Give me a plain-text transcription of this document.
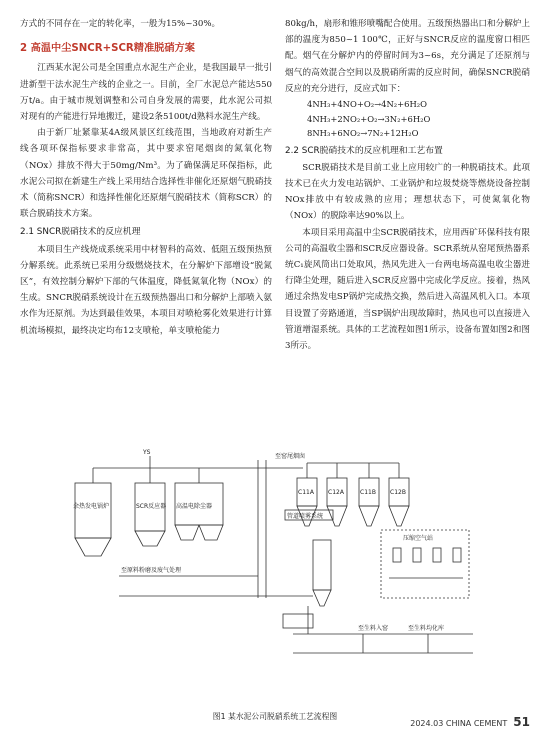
方式的不同存在一定的转化率，一般为15%~30%。

2 高温中尘SNCR+SCR精准脱硝方案

江西某水泥公司是全国重点水泥生产企业，是我国最早一批引进新型干法水泥生产线的企业之一。目前，全厂水泥总产能达550万t/a。由于城市规划调整和公司自身发展的需要，此水泥公司拟对现有的产能进行异地搬迁，建设2条5100t/d熟料水泥生产线。

由于新厂址紧靠某4A级风景区红线范围，当地政府对新生产线各项环保指标要求非常高，其中要求窑尾烟囱的氮氧化物（NOx）排放不得大于50mg/Nm³。为了确保满足环保指标，此水泥公司拟在新建生产线上采用结合选择性非催化还原烟气脱硝技术（简称SNCR）和选择性催化还原烟气脱硝技术（简称SCR）的联合脱硝技术方案。

2.1 SNCR脱硝技术的反应机理

本项目生产线烧成系统采用中材智科的高效、低阻五级预热预分解系统。此系统已采用分级燃烧技术，在分解炉下部增设“脱氮区”，有效控制分解炉下部的气体温度，降低氮氧化物（NOx）的生成。SNCR脱硝系统设计在五级预热器出口和分解炉上部喷入氨水作为还原剂。为达到最佳效果，本项目对喷枪雾化效果进行计算机流场模拟，最终决定均布12支喷枪，单支喷枪能力

80kg/h，扇形和锥形喷嘴配合使用。五级预热器出口和分解炉上部的温度为850~1 100℃，正好与SNCR反应的温度窗口相匹配。烟气在分解炉内的停留时间为3~6s，充分满足了还原剂与烟气的高效混合空间以及脱硝所需的反应时间，确保SNCR脱硝反应的充分进行，反应式如下：

4NH₃+4NO+O₂→4N₂+6H₂O
4NH₃+2NO₂+O₂→3N₂+6H₂O
8NH₃+6NO₂→7N₂+12H₂O
2.2 SCR脱硝技术的反应机理和工艺布置

SCR脱硝技术是目前工业上应用较广的一种脱硝技术。此项技术已在火力发电站锅炉、工业锅炉和垃圾焚烧等燃烧设备控制NOx排放中有较成熟的应用；理想状态下，可使氮氧化物（NOx）的脱除率达90%以上。

本项目采用高温中尘SCR脱硝技术，应用西矿环保科技有限公司的高温收尘器和SCR反应器设备。SCR系统从窑尾预热器系统C₁旋风筒出口处取风，热风先进入一台两电场高温电收尘器进行降尘处理，随后进入SCR反应器中完成化学反应。接着，热风通过余热发电SP锅炉完成热交换，然后进入高温风机入口。本项目设置了旁路通道，当SP锅炉出现故障时，热风也可以直接进入管道增湿系统。具体的工艺流程如图1所示，设备布置如图2和图3所示。

YS
至窑尾烟囱
余热发电锅炉	SCR反应器 高温电除尘器
C11A C12A	C11B C12B
管道喷雾系统
压缩空气站
至原料粉磨及废气处理
至生料入窑	至生料均化库
图1 某水泥公司脱硝系统工艺流程图
2024.03 CHINA CEMENT 51
